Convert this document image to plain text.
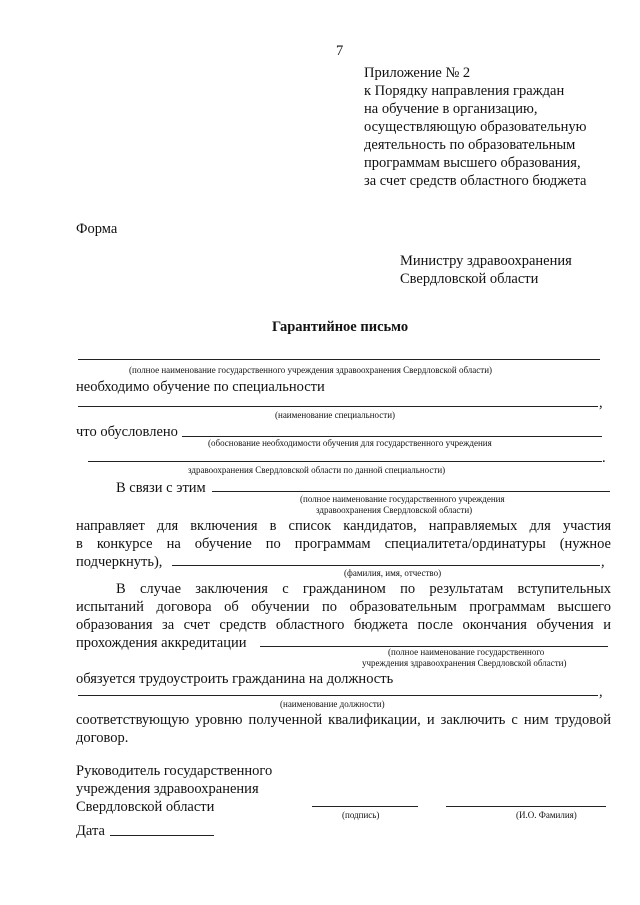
7
Приложение № 2
к Порядку направления граждан
на обучение в организацию,
осуществляющую образовательную
деятельность по образовательным
программам высшего образования,
за счет средств областного бюджета
Форма
Министру здравоохранения
Свердловской области
Гарантийное письмо
(полное наименование государственного учреждения здравоохранения Свердловской области)
необходимо обучение по специальности
,
(наименование специальности)
что обусловлено
(обоснование необходимости обучения для государственного учреждения
.
здравоохранения Свердловской области по данной специальности)
В связи с этим
(полное наименование государственного учреждения
здравоохранения Свердловской области)
направляет для включения в список кандидатов, направляемых для участия
в конкурсе на обучение по программам специалитета/ординатуры (нужное
подчеркнуть),	,
(фамилия, имя, отчество)
В случае заключения с гражданином по результатам вступительных
испытаний договора об обучении по образовательным программам высшего
образования за счет средств областного бюджета после окончания обучения и
прохождения аккредитации
(полное наименование государственного
учреждения здравоохранения Свердловской области)
обязуется трудоустроить гражданина на должность
,
(наименование должности)
соответствующую уровню полученной квалификации, и заключить с ним трудовой
договор.
Руководитель государственного
учреждения здравоохранения
Свердловской области	(подпись)	(И.О. Фамилия)
Дата
